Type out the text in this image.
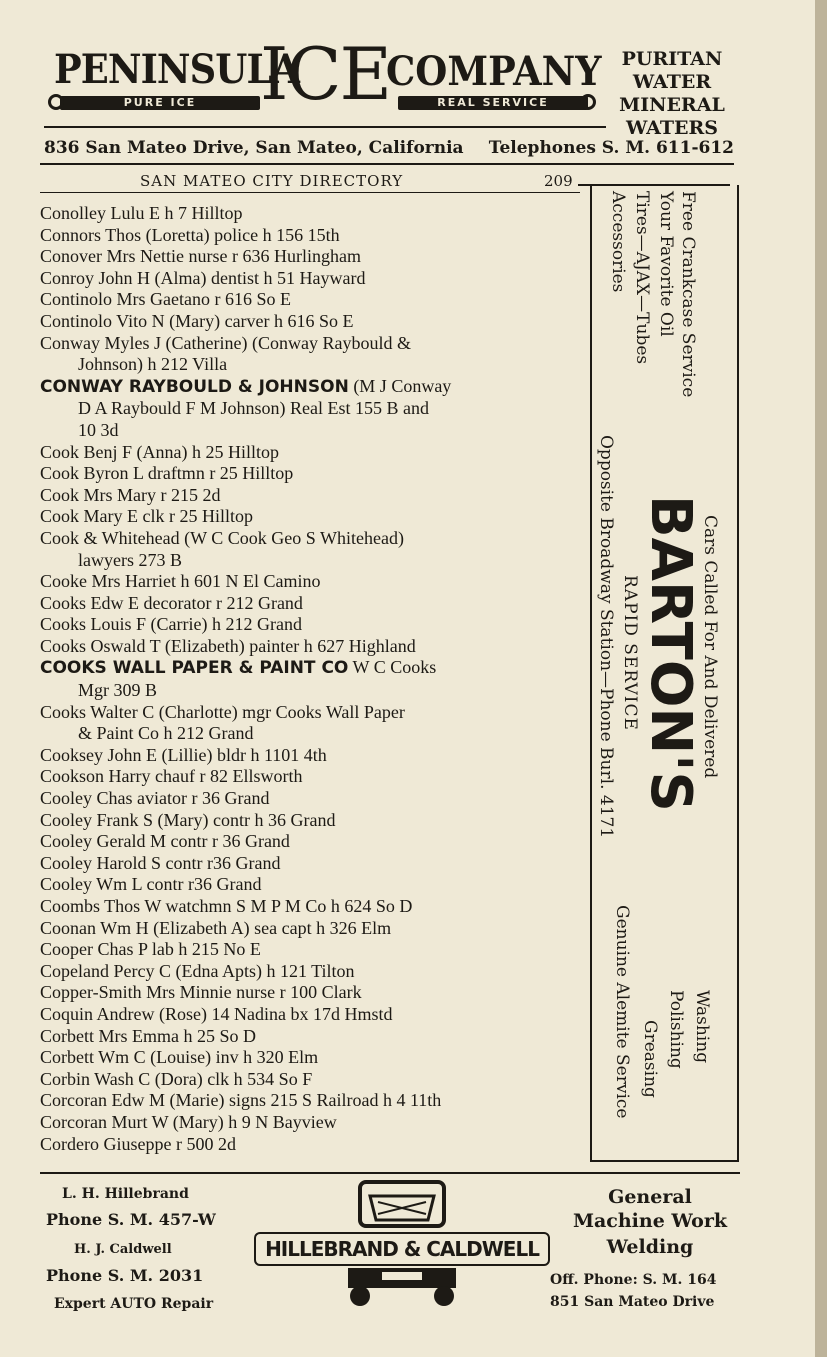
PENINSULA
ICE
COMPANY
PURE ICE	REAL SERVICE
PURITAN
WATER
MINERAL
WATERS
836 San Mateo Drive, San Mateo, California Telephones S. M. 611-612
SAN MATEO CITY DIRECTORY	209
Conolley Lulu E h 7 Hilltop
Connors Thos (Loretta) police h 156 15th
Conover Mrs Nettie nurse r 636 Hurlingham
Conroy John H (Alma) dentist h 51 Hayward
Continolo Mrs Gaetano r 616 So E
Continolo Vito N (Mary) carver h 616 So E
Conway Myles J (Catherine) (Conway Raybould &
Johnson) h 212 Villa
CONWAY RAYBOULD & JOHNSON (M J Conway
D A Raybould F M Johnson) Real Est 155 B and
10 3d
Cook Benj F (Anna) h 25 Hilltop
Cook Byron L draftmn r 25 Hilltop
Cook Mrs Mary r 215 2d
Cook Mary E clk r 25 Hilltop
Cook & Whitehead (W C Cook Geo S Whitehead)
lawyers 273 B
Cooke Mrs Harriet h 601 N El Camino
Cooks Edw E decorator r 212 Grand
Cooks Louis F (Carrie) h 212 Grand
Cooks Oswald T (Elizabeth) painter h 627 Highland
COOKS WALL PAPER & PAINT CO W C Cooks
Mgr 309 B
Cooks Walter C (Charlotte) mgr Cooks Wall Paper
& Paint Co h 212 Grand
Cooksey John E (Lillie) bldr h 1101 4th
Cookson Harry chauf r 82 Ellsworth
Cooley Chas aviator r 36 Grand
Cooley Frank S (Mary) contr h 36 Grand
Cooley Gerald M contr r 36 Grand
Cooley Harold S contr r36 Grand
Cooley Wm L contr r36 Grand
Coombs Thos W watchmn S M P M Co h 624 So D
Coonan Wm H (Elizabeth A) sea capt h 326 Elm
Cooper Chas P lab h 215 No E
Copeland Percy C (Edna Apts) h 121 Tilton
Copper-Smith Mrs Minnie nurse r 100 Clark
Coquin Andrew (Rose) 14 Nadina bx 17d Hmstd
Corbett Mrs Emma h 25 So D
Corbett Wm C (Louise) inv h 320 Elm
Corbin Wash C (Dora) clk h 534 So F
Corcoran Edw M (Marie) signs 215 S Railroad h 4 11th
Corcoran Murt W (Mary) h 9 N Bayview
Cordero Giuseppe r 500 2d
Free Crankcase Service
Your Favorite Oil
Tires—AJAX—Tubes
Accessories
Cars Called For And Delivered
BARTON'S
RAPID SERVICE
Opposite Broadway Station—Phone Burl. 4171
Genuine Alemite Service	Washing
Polishing
Greasing
L. H. Hillebrand
Phone S. M. 457-W
H. J. Caldwell
Phone S. M. 2031
Expert AUTO Repair
HILLEBRAND & CALDWELL
General
Machine Work
Welding
Off. Phone: S. M. 164
851 San Mateo Drive
